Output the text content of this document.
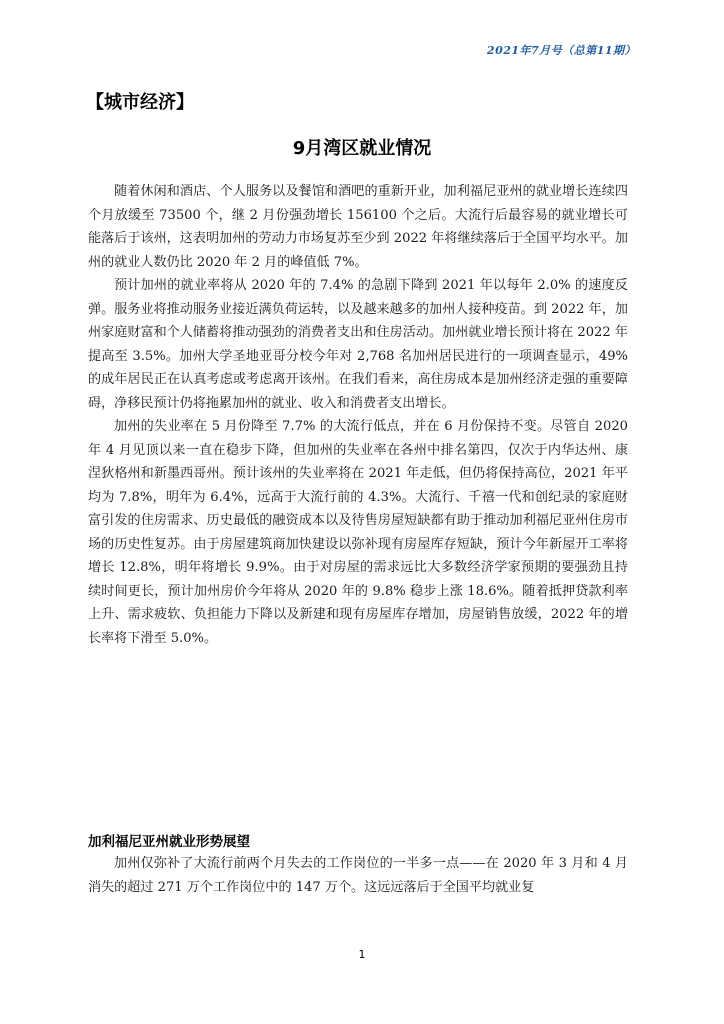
2021年7月号（总第11期）
【城市经济】
9月湾区就业情况

随着休闲和酒店、个人服务以及餐馆和酒吧的重新开业，加利福尼亚州的就业增长连续四个月放缓至 73500 个，继 2 月份强劲增长 156100 个之后。大流行后最容易的就业增长可能落后于该州，这表明加州的劳动力市场复苏至少到 2022 年将继续落后于全国平均水平。加州的就业人数仍比 2020 年 2 月的峰值低 7%。

预计加州的就业率将从 2020 年的 7.4% 的急剧下降到 2021 年以每年 2.0% 的速度反弹。服务业将推动服务业接近满负荷运转，以及越来越多的加州人接种疫苗。到 2022 年，加州家庭财富和个人储蓄将推动强劲的消费者支出和住房活动。加州就业增长预计将在 2022 年提高至 3.5%。加州大学圣地亚哥分校今年对 2,768 名加州居民进行的一项调查显示，49% 的成年居民正在认真考虑或考虑离开该州。在我们看来，高住房成本是加州经济走强的重要障碍，净移民预计仍将拖累加州的就业、收入和消费者支出增长。

加州的失业率在 5 月份降至 7.7% 的大流行低点，并在 6 月份保持不变。尽管自 2020 年 4 月见顶以来一直在稳步下降，但加州的失业率在各州中排名第四，仅次于内华达州、康涅狄格州和新墨西哥州。预计该州的失业率将在 2021 年走低，但仍将保持高位，2021 年平均为 7.8%，明年为 6.4%，远高于大流行前的 4.3%。大流行、千禧一代和创纪录的家庭财富引发的住房需求、历史最低的融资成本以及待售房屋短缺都有助于推动加利福尼亚州住房市场的历史性复苏。由于房屋建筑商加快建设以弥补现有房屋库存短缺，预计今年新屋开工率将增长 12.8%，明年将增长 9.9%。由于对房屋的需求远比大多数经济学家预期的要强劲且持续时间更长，预计加州房价今年将从 2020 年的 9.8% 稳步上涨 18.6%。随着抵押贷款利率上升、需求疲软、负担能力下降以及新建和现有房屋库存增加，房屋销售放缓，2022 年的增长率将下滑至 5.0%。

加利福尼亚州就业形势展望

加州仅弥补了大流行前两个月失去的工作岗位的一半多一点——在 2020 年 3 月和 4 月消失的超过 271 万个工作岗位中的 147 万个。这远远落后于全国平均就业复

1
